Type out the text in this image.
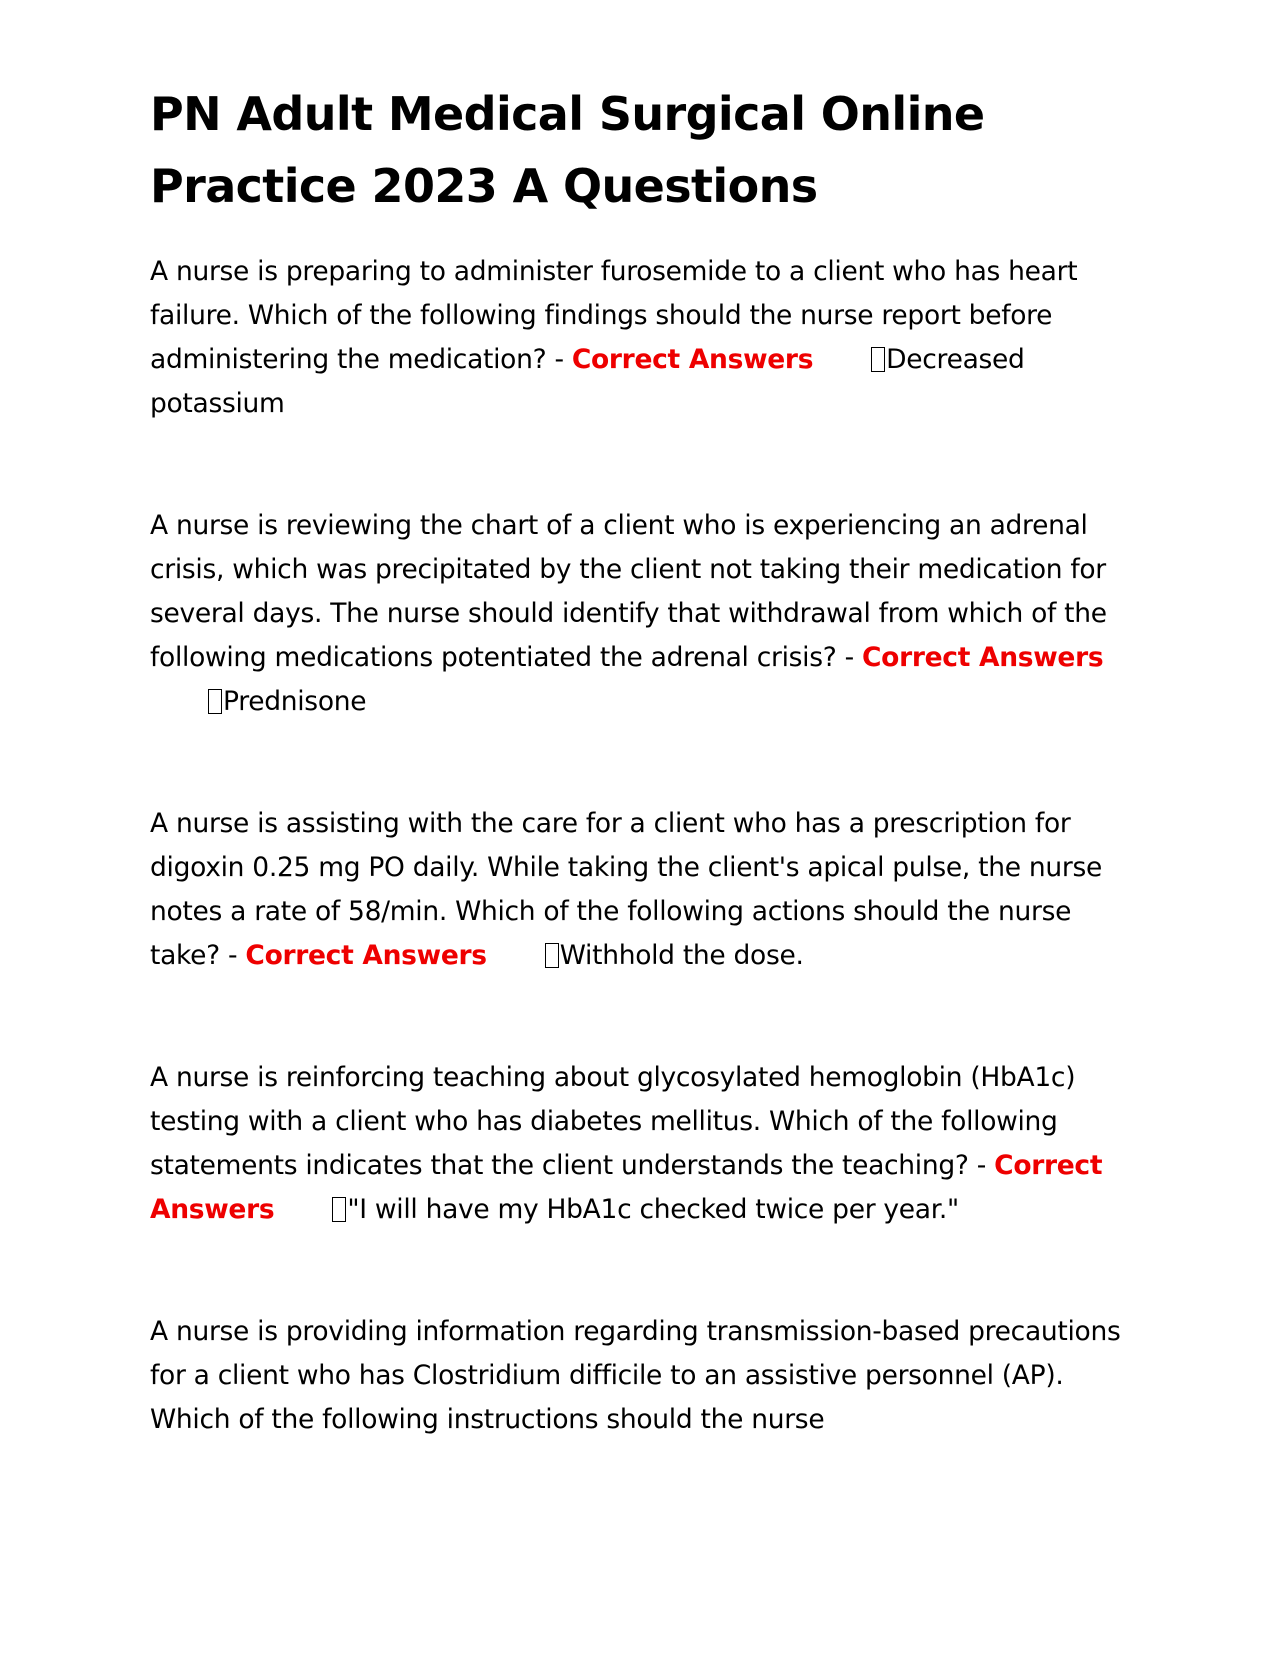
PN Adult Medical Surgical Online Practice 2023 A Questions

A nurse is preparing to administer furosemide to a client who has heart failure. Which of the following findings should the nurse report before administering the medication? - Correct Answers	Decreased potassium

A nurse is reviewing the chart of a client who is experiencing an adrenal crisis, which was precipitated by the client not taking their medication for several days. The nurse should identify that withdrawal from which of the following medications potentiated the adrenal crisis? - Correct AnswersPrednisone

A nurse is assisting with the care for a client who has a prescription for digoxin 0.25 mg PO daily. While taking the client's apical pulse, the nurse notes a rate of 58/min. Which of the following actions should the nurse take? - Correct Answers	Withhold the dose.

A nurse is reinforcing teaching about glycosylated hemoglobin (HbA1c) testing with a client who has diabetes mellitus. Which of the following statements indicates that the client understands the teaching? - Correct Answers	"I will have my HbA1c checked twice per year."

A nurse is providing information regarding transmission-based precautions for a client who has Clostridium difficile to an assistive personnel (AP). Which of the following instructions should the nurse
